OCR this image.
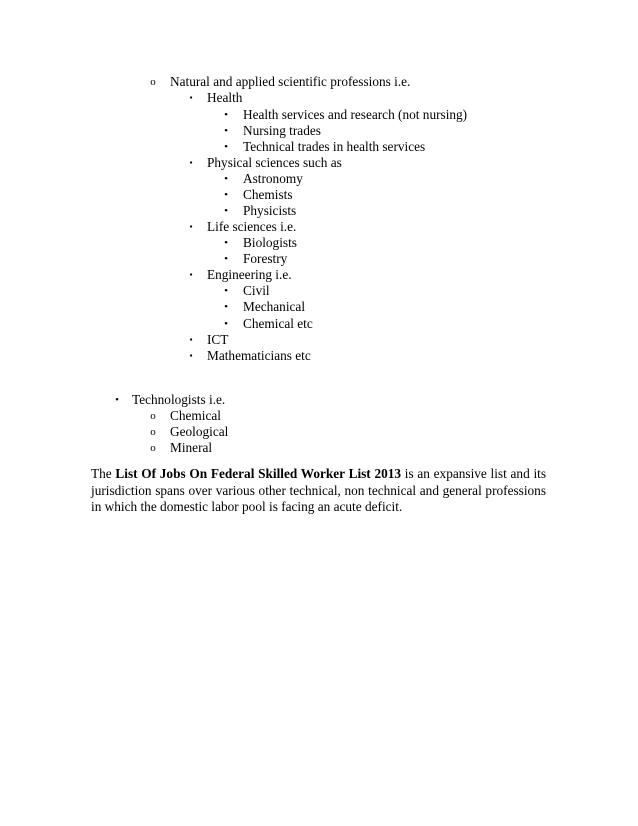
o	Natural and applied scientific professions i.e.
▪	Health
•	Health services and research (not nursing)
•	Nursing trades
•	Technical trades in health services
▪	Physical sciences such as
•	Astronomy
•	Chemists
•	Physicists
▪	Life sciences i.e.
•	Biologists
•	Forestry
▪	Engineering i.e.
•	Civil
•	Mechanical
•	Chemical etc
▪	ICT
▪	Mathematicians etc
• Technologists i.e.
o	Chemical
o	Geological
o	Mineral

The List Of Jobs On Federal Skilled Worker List 2013 is an expansive list and its jurisdiction spans over various other technical, non technical and general professions in which the domestic labor pool is facing an acute deficit.
